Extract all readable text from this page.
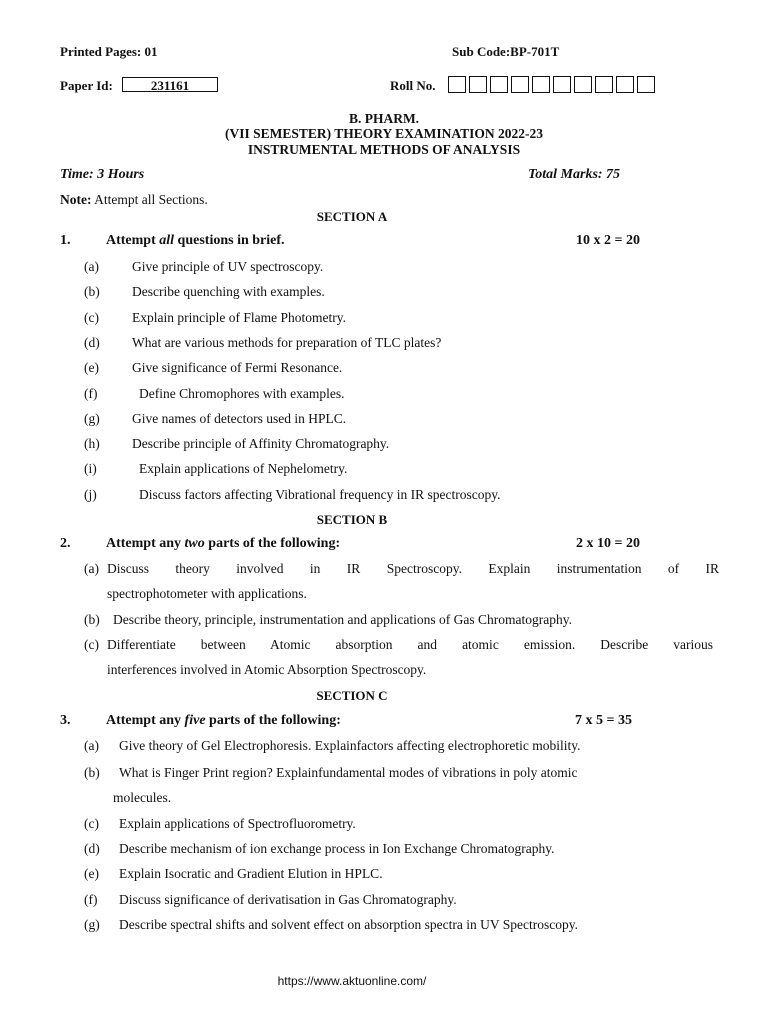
Printed Pages: 01	Sub Code:BP-701T
Paper Id:	231161	Roll No.
B. PHARM.
(VII SEMESTER) THEORY EXAMINATION 2022-23
INSTRUMENTAL METHODS OF ANALYSIS
Time: 3 Hours	Total Marks: 75
Note: Attempt all Sections.
SECTION A
1.	Attempt all questions in brief.	10 x 2 = 20
(a) Give principle of UV spectroscopy.
(b) Describe quenching with examples.
(c) Explain principle of Flame Photometry.
(d) What are various methods for preparation of TLC plates?
(e) Give significance of Fermi Resonance.
(f)	Define Chromophores with examples.
(g) Give names of detectors used in HPLC.
(h) Describe principle of Affinity Chromatography.
(i)	Explain applications of Nephelometry.
(j)	Discuss factors affecting Vibrational frequency in IR spectroscopy.
SECTION B
2.	Attempt any two parts of the following:	2 x 10 = 20
(a) Discuss theory involved in IR Spectroscopy. Explain instrumentation of IR
spectrophotometer with applications.
(b) Describe theory, principle, instrumentation and applications of Gas Chromatography.
(c) Differentiate between Atomic absorption and atomic emission. Describe various
interferences involved in Atomic Absorption Spectroscopy.
SECTION C
3.	Attempt any five parts of the following:	7 x 5 = 35
(a) Give theory of Gel Electrophoresis. Explainfactors affecting electrophoretic mobility.
(b) What is Finger Print region? Explainfundamental modes of vibrations in poly atomic
molecules.
(c) Explain applications of Spectrofluorometry.
(d) Describe mechanism of ion exchange process in Ion Exchange Chromatography.
(e) Explain Isocratic and Gradient Elution in HPLC.
(f) Discuss significance of derivatisation in Gas Chromatography.
(g) Describe spectral shifts and solvent effect on absorption spectra in UV Spectroscopy.
https://www.aktuonline.com/
